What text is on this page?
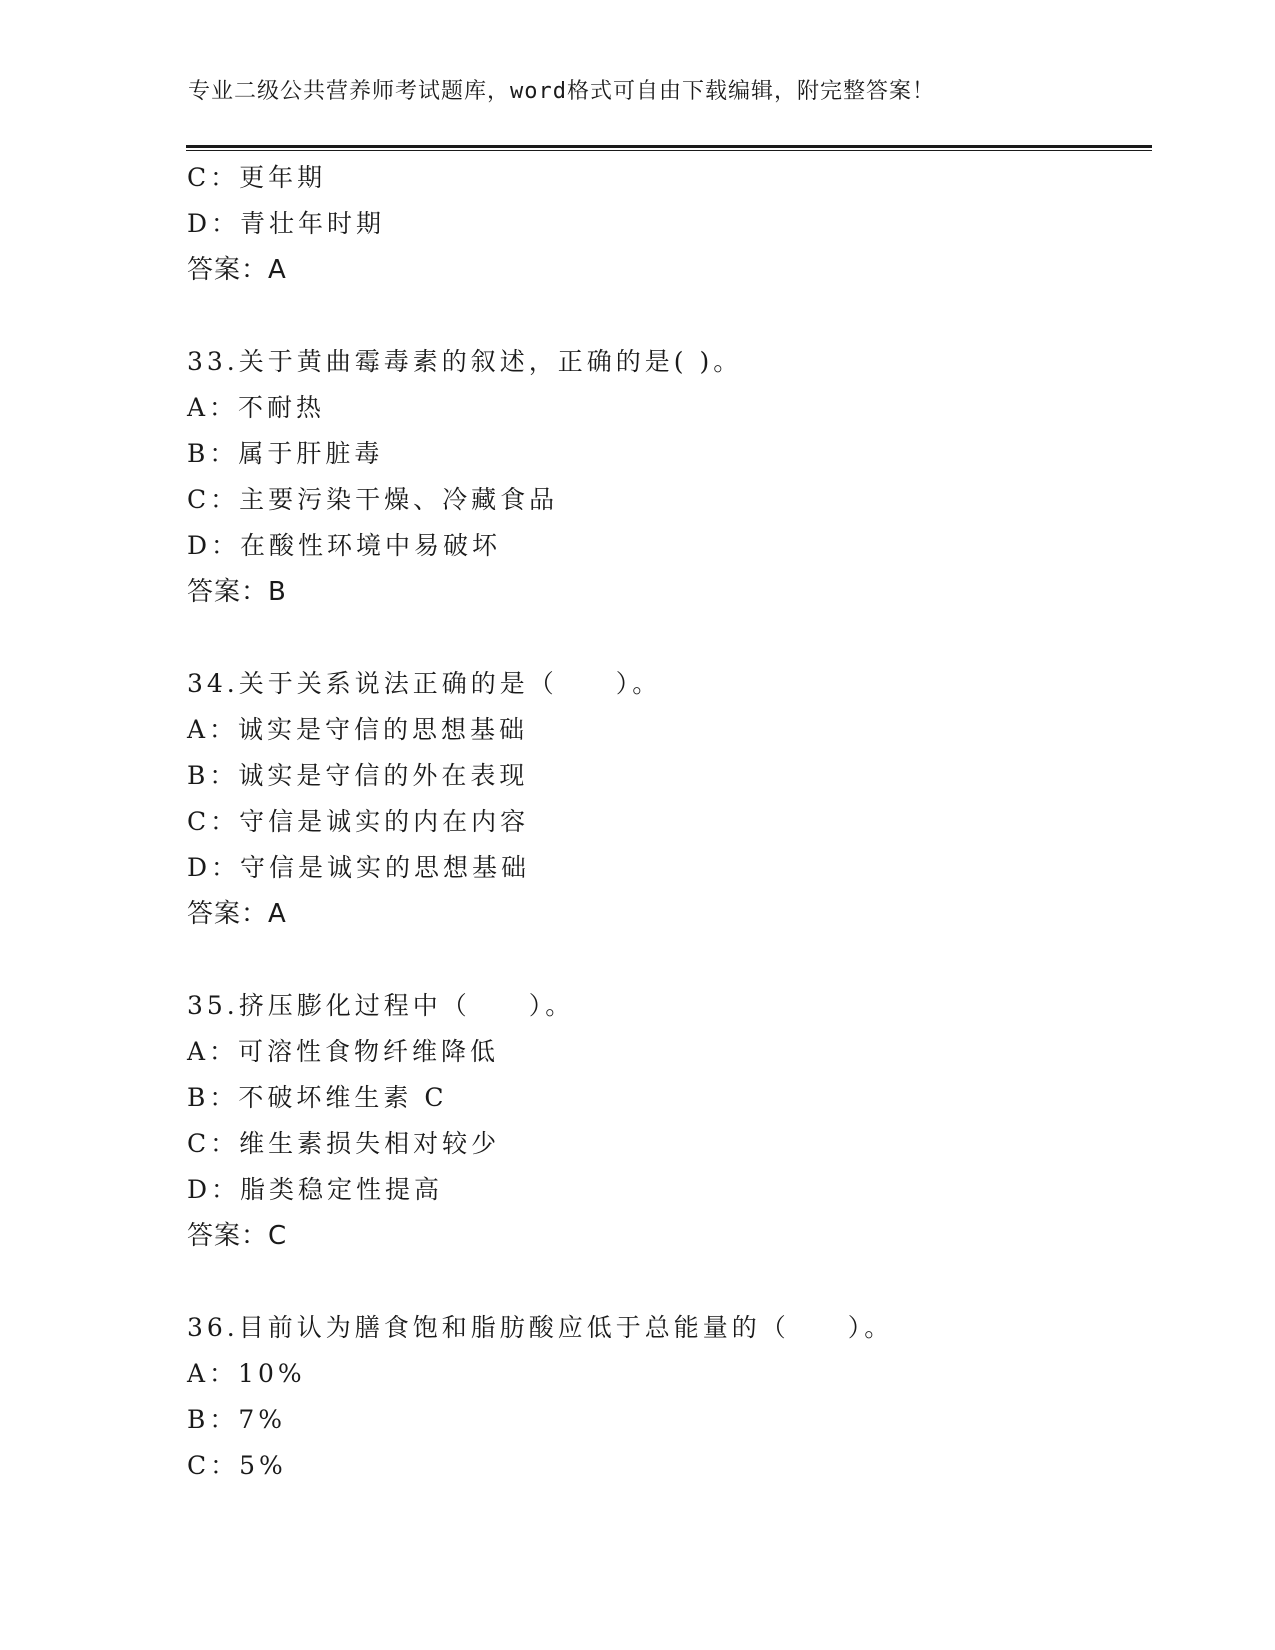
专业二级公共营养师考试题库，word格式可自由下载编辑，附完整答案！
C：更年期
D：青壮年时期
答案：A
33.关于黄曲霉毒素的叙述，正确的是( )。
A：不耐热
B：属于肝脏毒
C：主要污染干燥、冷藏食品
D：在酸性环境中易破坏
答案：B
34.关于关系说法正确的是（　　）。
A：诚实是守信的思想基础
B：诚实是守信的外在表现
C：守信是诚实的内在内容
D：守信是诚实的思想基础
答案：A
35.挤压膨化过程中（　　）。
A：可溶性食物纤维降低
B：不破坏维生素 C
C：维生素损失相对较少
D：脂类稳定性提高
答案：C
36.目前认为膳食饱和脂肪酸应低于总能量的（　　）。
A：10%
B：7%
C：5%
